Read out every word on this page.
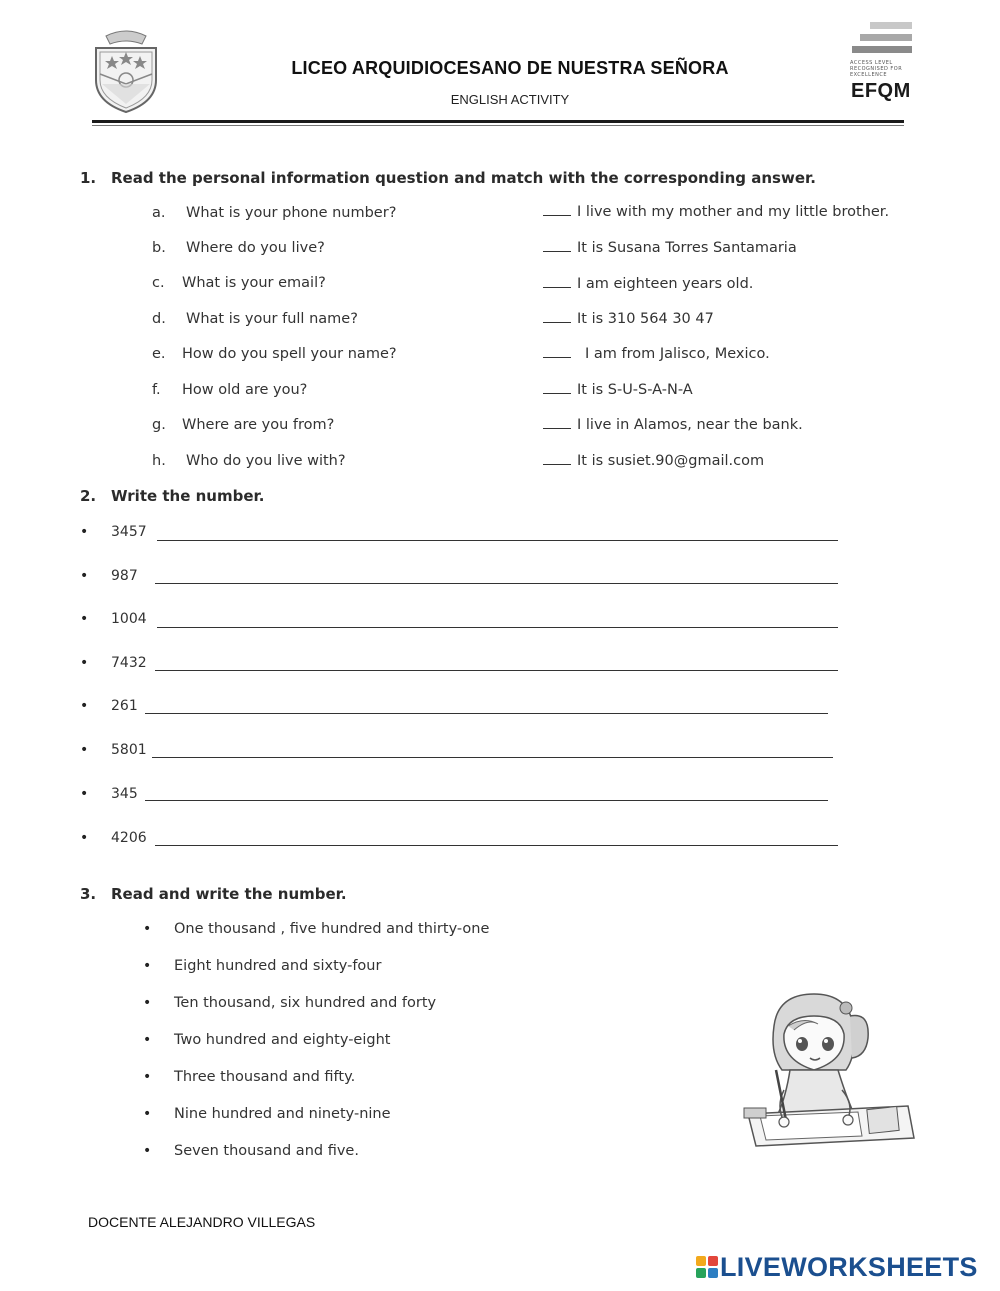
LICEO ARQUIDIOCESANO DE NUESTRA SEÑORA
ENGLISH ACTIVITY
ACCESS LEVEL
RECOGNISED FOR EXCELLENCE
EFQM
1. Read the personal information question and match with the corresponding answer.
a. What is your phone number?
b. Where do you live?
c. What is your email?
d. What is your full name?
e. How do you spell your name?
f. How old are you?
g. Where are you from?
h. Who do you live with?
I live with my mother and my little brother.
It is Susana Torres Santamaria
I am eighteen years old.
It is 310 564 30 47
I am from Jalisco, Mexico.
It is S-U-S-A-N-A
I live in Alamos, near the bank.
It is susiet.90@gmail.com
2. Write the number.
• 3457
• 987
• 1004
• 7432
• 261
• 5801
• 345
• 4206
3. Read and write the number.
• One thousand , five hundred and thirty-one
• Eight hundred and sixty-four
• Ten thousand, six hundred and forty
• Two hundred and eighty-eight
• Three thousand and fifty.
• Nine hundred and ninety-nine
• Seven thousand and five.
DOCENTE ALEJANDRO VILLEGAS
LIVEWORKSHEETS
